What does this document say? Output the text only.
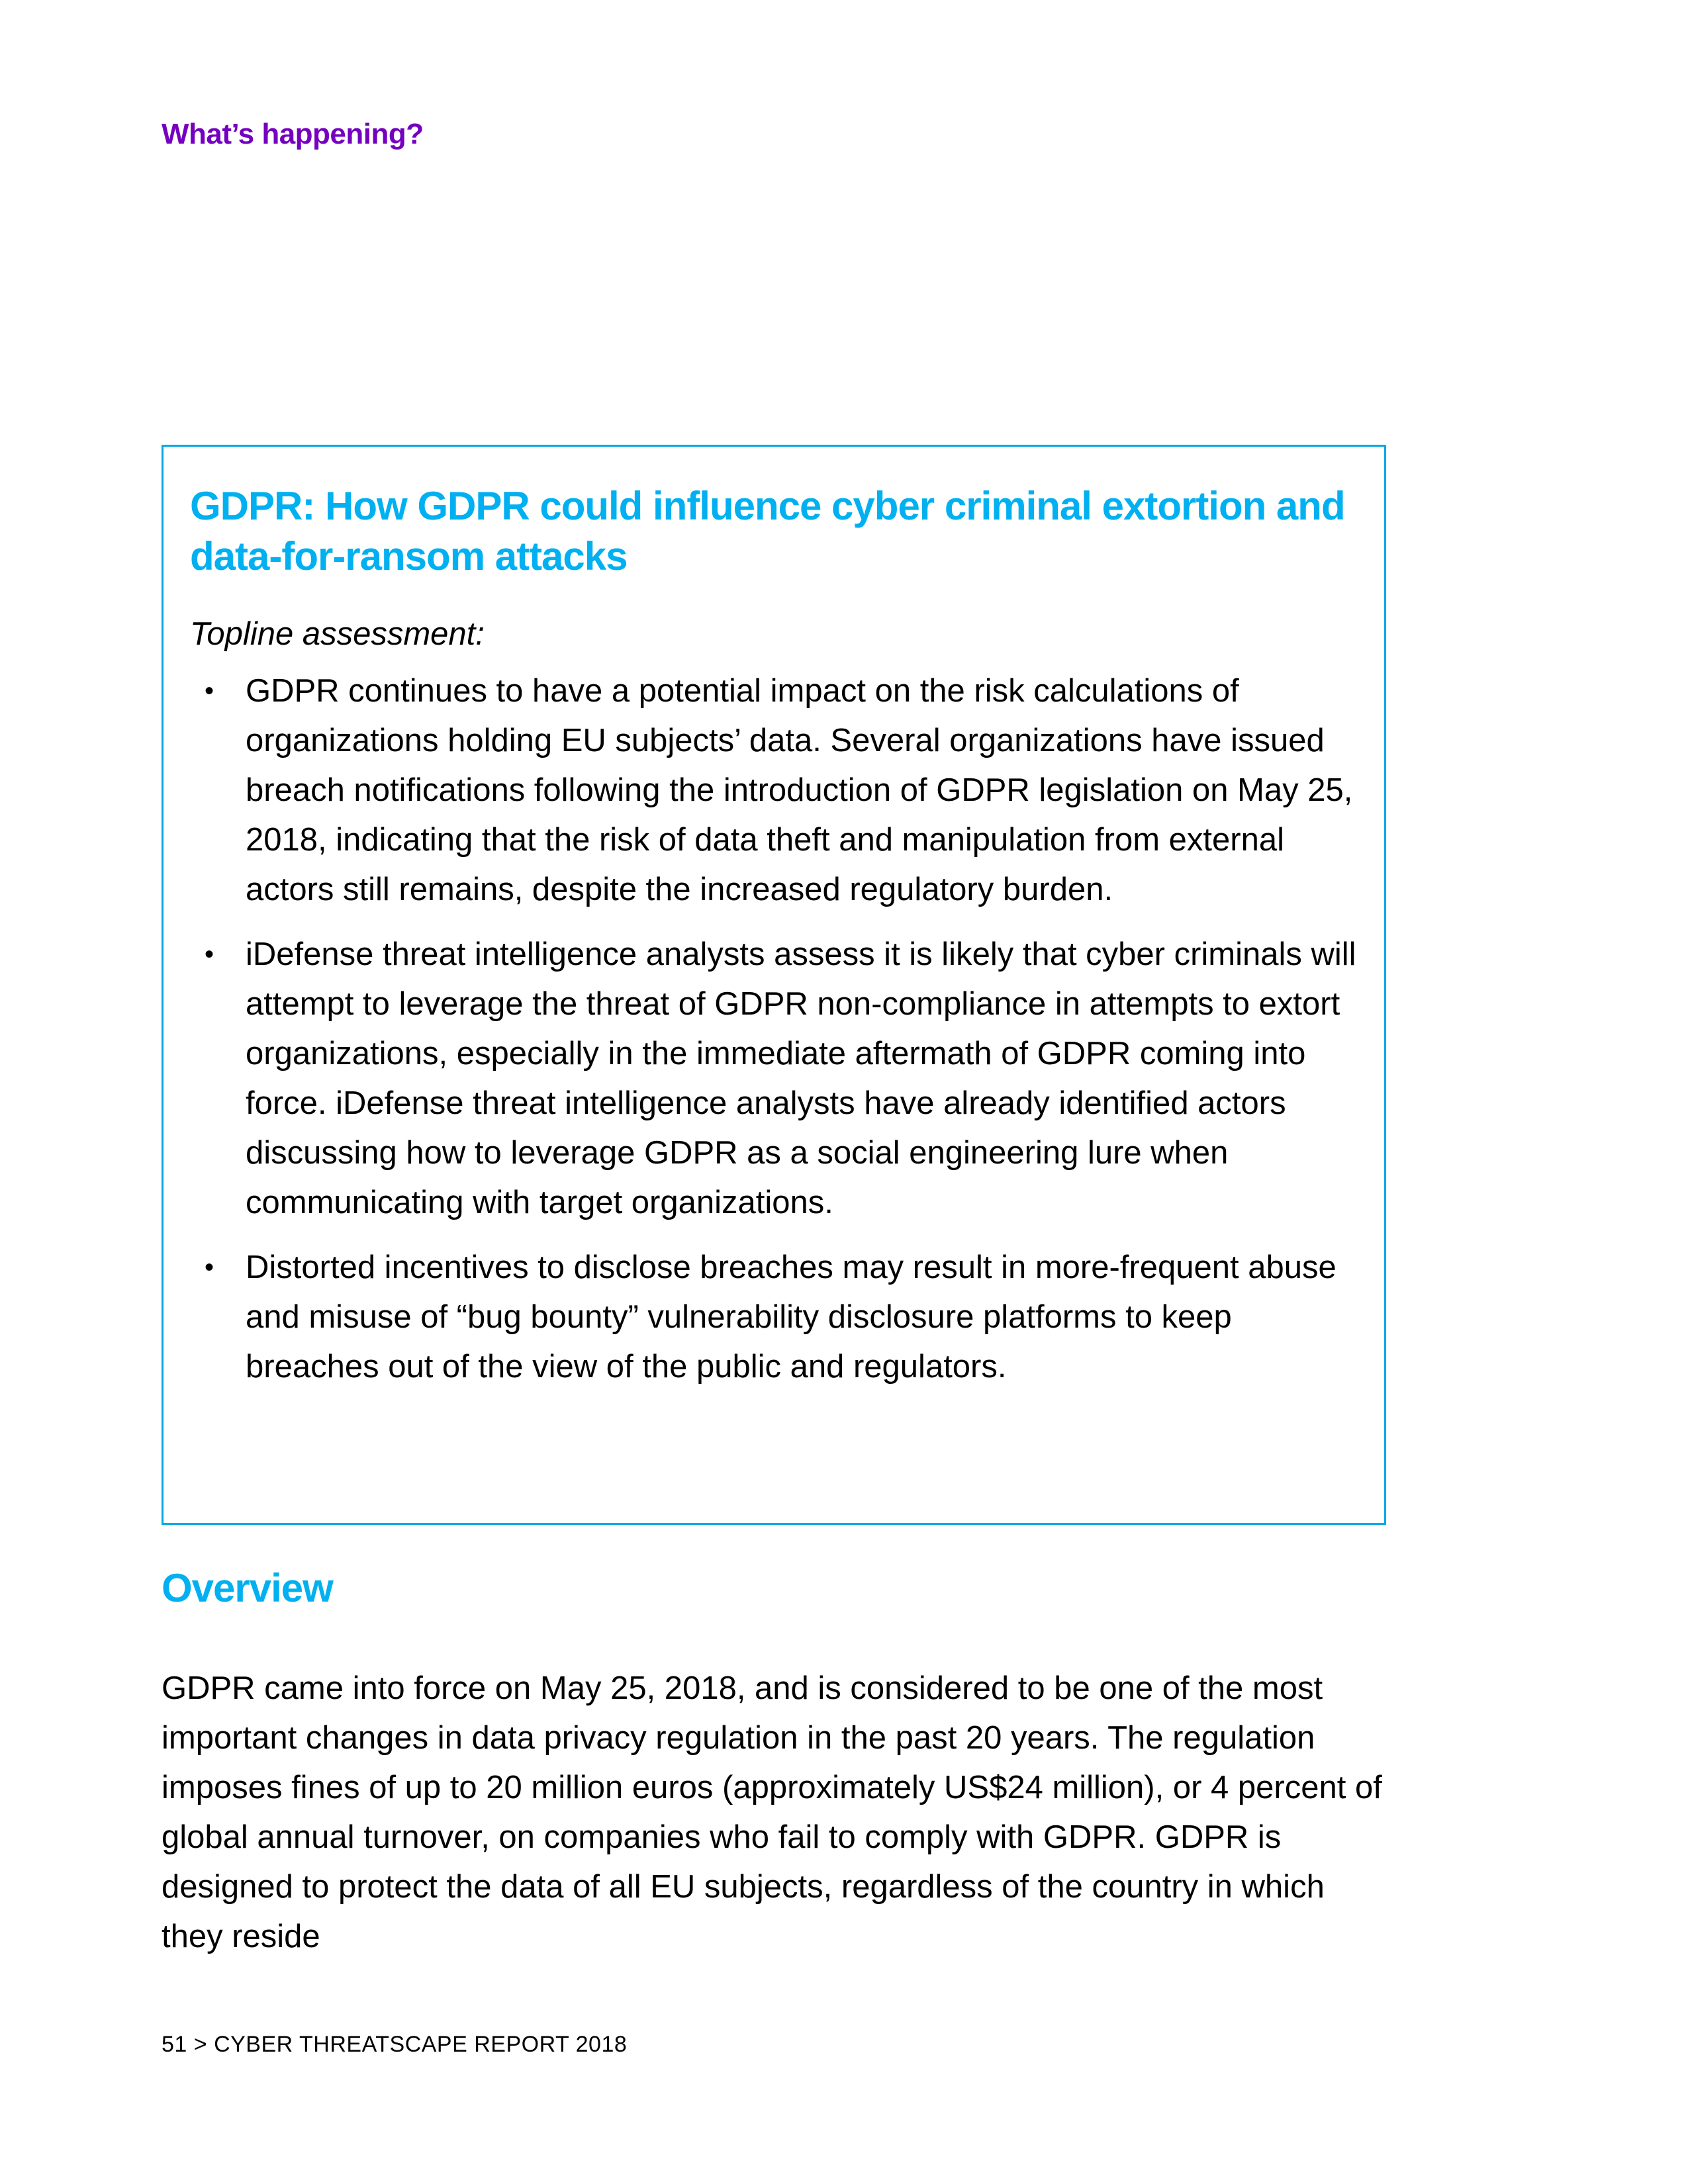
What’s happening?

GDPR: How GDPR could influence cyber criminal extortion and data-for-ransom attacks

Topline assessment:

• GDPR continues to have a potential impact on the risk calculations of organizations holding EU subjects’ data. Several organizations have issued breach notifications following the introduction of GDPR legislation on May 25, 2018, indicating that the risk of data theft and manipulation from external actors still remains, despite the increased regulatory burden.
• iDefense threat intelligence analysts assess it is likely that cyber criminals will attempt to leverage the threat of GDPR non-compliance in attempts to extort organizations, especially in the immediate aftermath of GDPR coming into force. iDefense threat intelligence analysts have already identified actors discussing how to leverage GDPR as a social engineering lure when communicating with target organizations.
• Distorted incentives to disclose breaches may result in more-frequent abuse and misuse of “bug bounty” vulnerability disclosure platforms to keep breaches out of the view of the public and regulators.
Overview

GDPR came into force on May 25, 2018, and is considered to be one of the most important changes in data privacy regulation in the past 20 years. The regulation imposes fines of up to 20 million euros (approximately US$24 million), or 4 percent of global annual turnover, on companies who fail to comply with GDPR. GDPR is designed to protect the data of all EU subjects, regardless of the country in which they reside

51 > CYBER THREATSCAPE REPORT 2018
